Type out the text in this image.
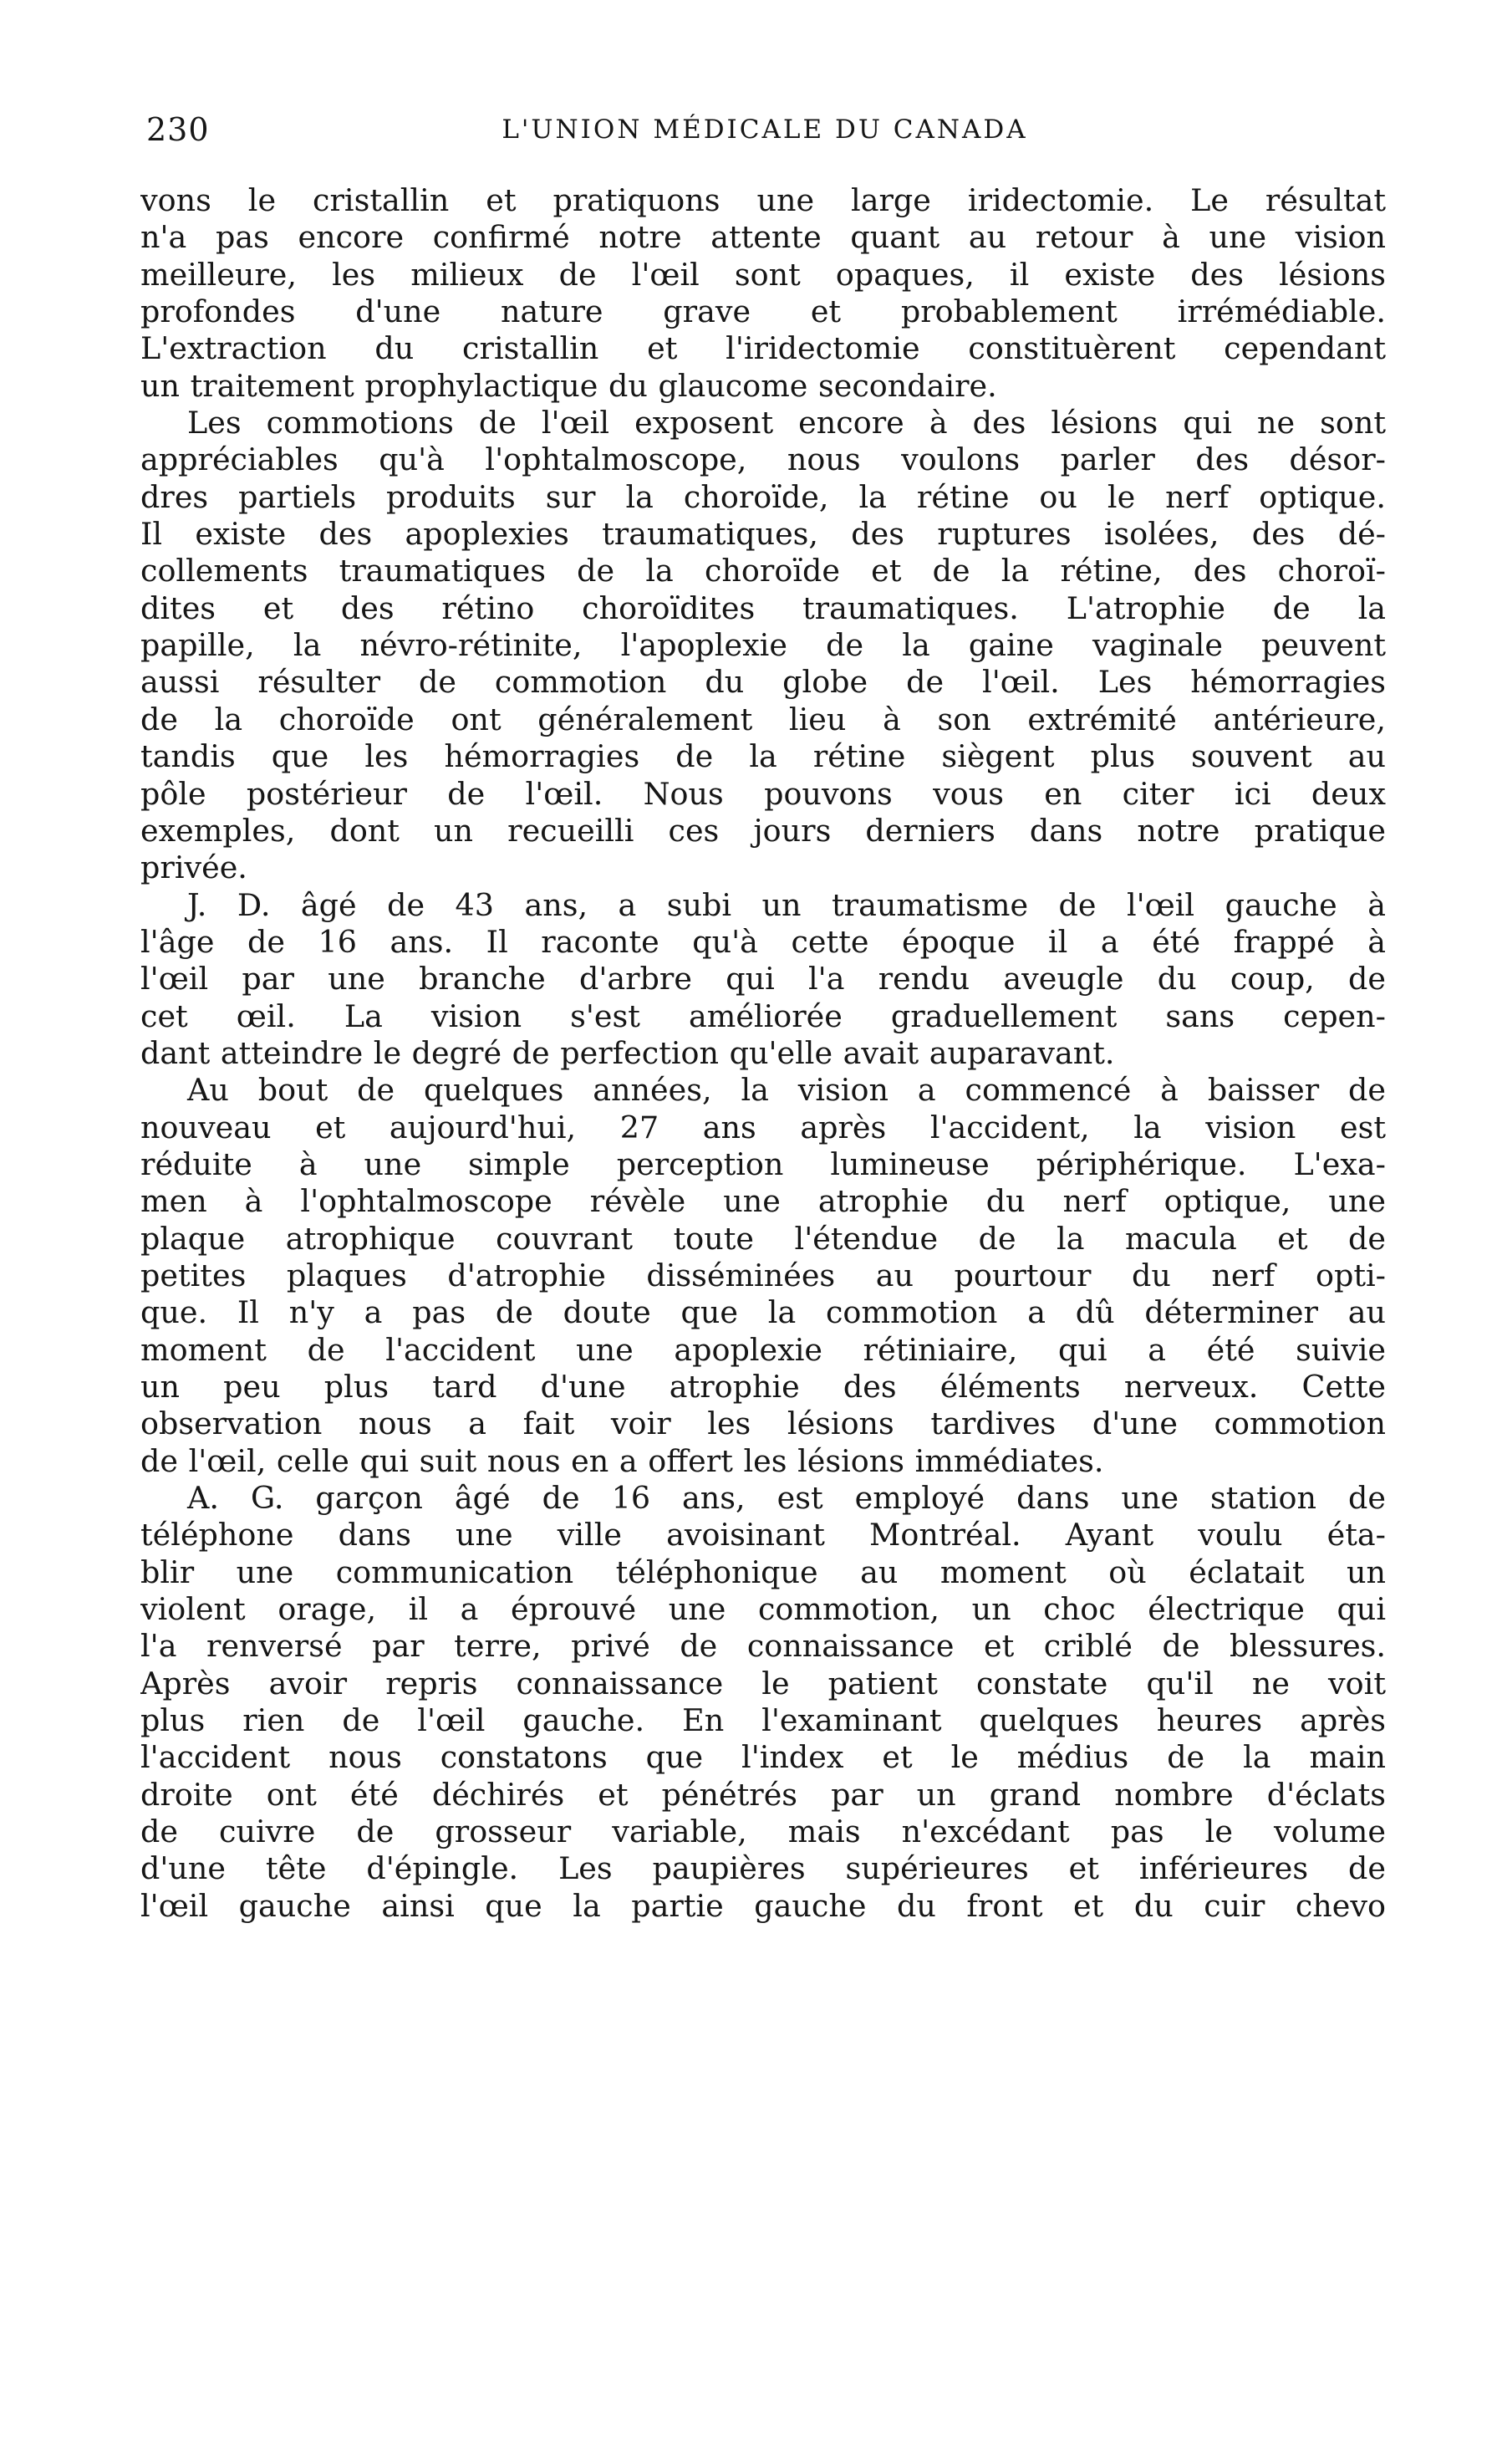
230	L'UNION MÉDICALE DU CANADA
vons le cristallin et pratiquons une large iridectomie. Le résultat
n'a pas encore confirmé notre attente quant au retour à une vision
meilleure, les milieux de l'œil sont opaques, il existe des lésions
profondes d'une nature grave et probablement irrémédiable.
L'extraction du cristallin et l'iridectomie constituèrent cependant
un traitement prophylactique du glaucome secondaire.
Les commotions de l'œil exposent encore à des lésions qui ne sont
appréciables qu'à l'ophtalmoscope, nous voulons parler des désor-
dres partiels produits sur la choroïde, la rétine ou le nerf optique.
Il existe des apoplexies traumatiques, des ruptures isolées, des dé-
collements traumatiques de la choroïde et de la rétine, des choroï-
dites et des rétino choroïdites traumatiques. L'atrophie de la
papille, la névro-rétinite, l'apoplexie de la gaine vaginale peuvent
aussi résulter de commotion du globe de l'œil. Les hémorragies
de la choroïde ont généralement lieu à son extrémité antérieure,
tandis que les hémorragies de la rétine siègent plus souvent au
pôle postérieur de l'œil. Nous pouvons vous en citer ici deux
exemples, dont un recueilli ces jours derniers dans notre pratique
privée.
J. D. âgé de 43 ans, a subi un traumatisme de l'œil gauche à
l'âge de 16 ans. Il raconte qu'à cette époque il a été frappé à
l'œil par une branche d'arbre qui l'a rendu aveugle du coup, de
cet œil. La vision s'est améliorée graduellement sans cepen-
dant atteindre le degré de perfection qu'elle avait auparavant.
Au bout de quelques années, la vision a commencé à baisser de
nouveau et aujourd'hui, 27 ans après l'accident, la vision est
réduite à une simple perception lumineuse périphérique. L'exa-
men à l'ophtalmoscope révèle une atrophie du nerf optique, une
plaque atrophique couvrant toute l'étendue de la macula et de
petites plaques d'atrophie disséminées au pourtour du nerf opti-
que. Il n'y a pas de doute que la commotion a dû déterminer au
moment de l'accident une apoplexie rétiniaire, qui a été suivie
un peu plus tard d'une atrophie des éléments nerveux. Cette
observation nous a fait voir les lésions tardives d'une commotion
de l'œil, celle qui suit nous en a offert les lésions immédiates.
A. G. garçon âgé de 16 ans, est employé dans une station de
téléphone dans une ville avoisinant Montréal. Ayant voulu éta-
blir une communication téléphonique au moment où éclatait un
violent orage, il a éprouvé une commotion, un choc électrique qui
l'a renversé par terre, privé de connaissance et criblé de blessures.
Après avoir repris connaissance le patient constate qu'il ne voit
plus rien de l'œil gauche. En l'examinant quelques heures après
l'accident nous constatons que l'index et le médius de la main
droite ont été déchirés et pénétrés par un grand nombre d'éclats
de cuivre de grosseur variable, mais n'excédant pas le volume
d'une tête d'épingle. Les paupières supérieures et inférieures de
l'œil gauche ainsi que la partie gauche du front et du cuir chevo
